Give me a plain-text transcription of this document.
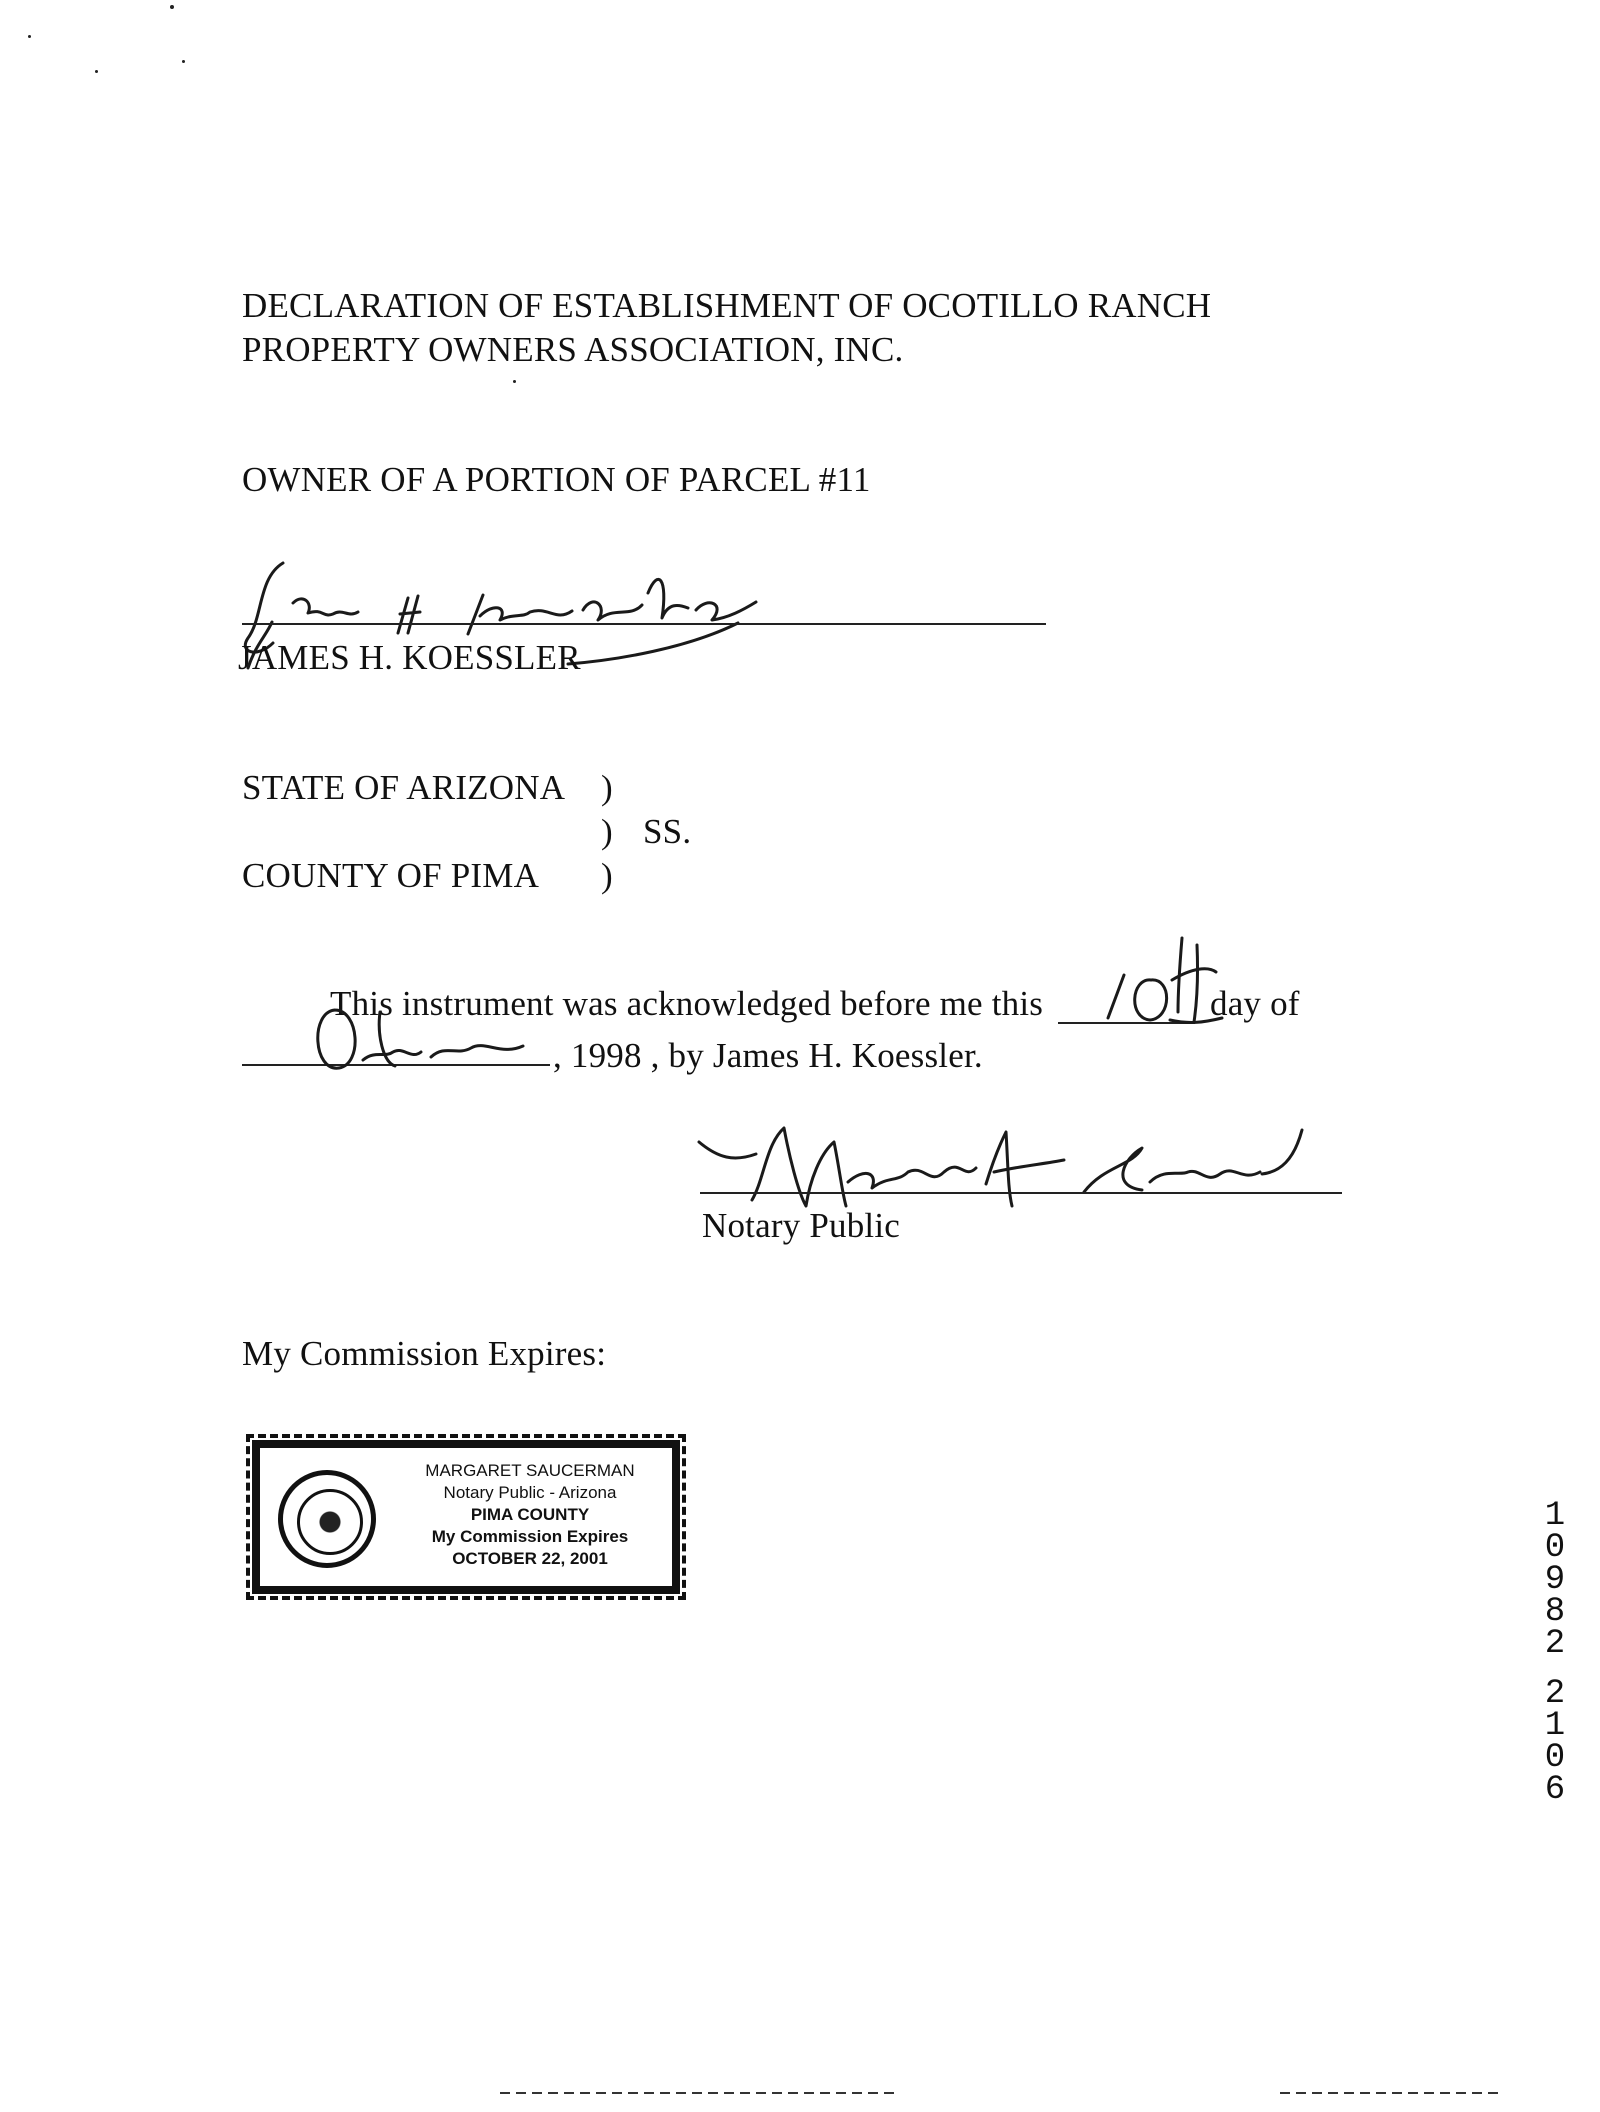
DECLARATION OF ESTABLISHMENT OF OCOTILLO RANCH
PROPERTY OWNERS ASSOCIATION, INC.
OWNER OF A PORTION OF PARCEL #11
JAMES H. KOESSLER
STATE OF ARIZONA )
) SS.
COUNTY OF PIMA )
This instrument was acknowledged before me this	day of
, 1998 , by James H. Koessler.
Notary Public
My Commission Expires:
MARGARET SAUCERMAN
Notary Public - Arizona
PIMA COUNTY
My Commission Expires
OCTOBER 22, 2001
1
0
9
8
2
2
1
0
6
